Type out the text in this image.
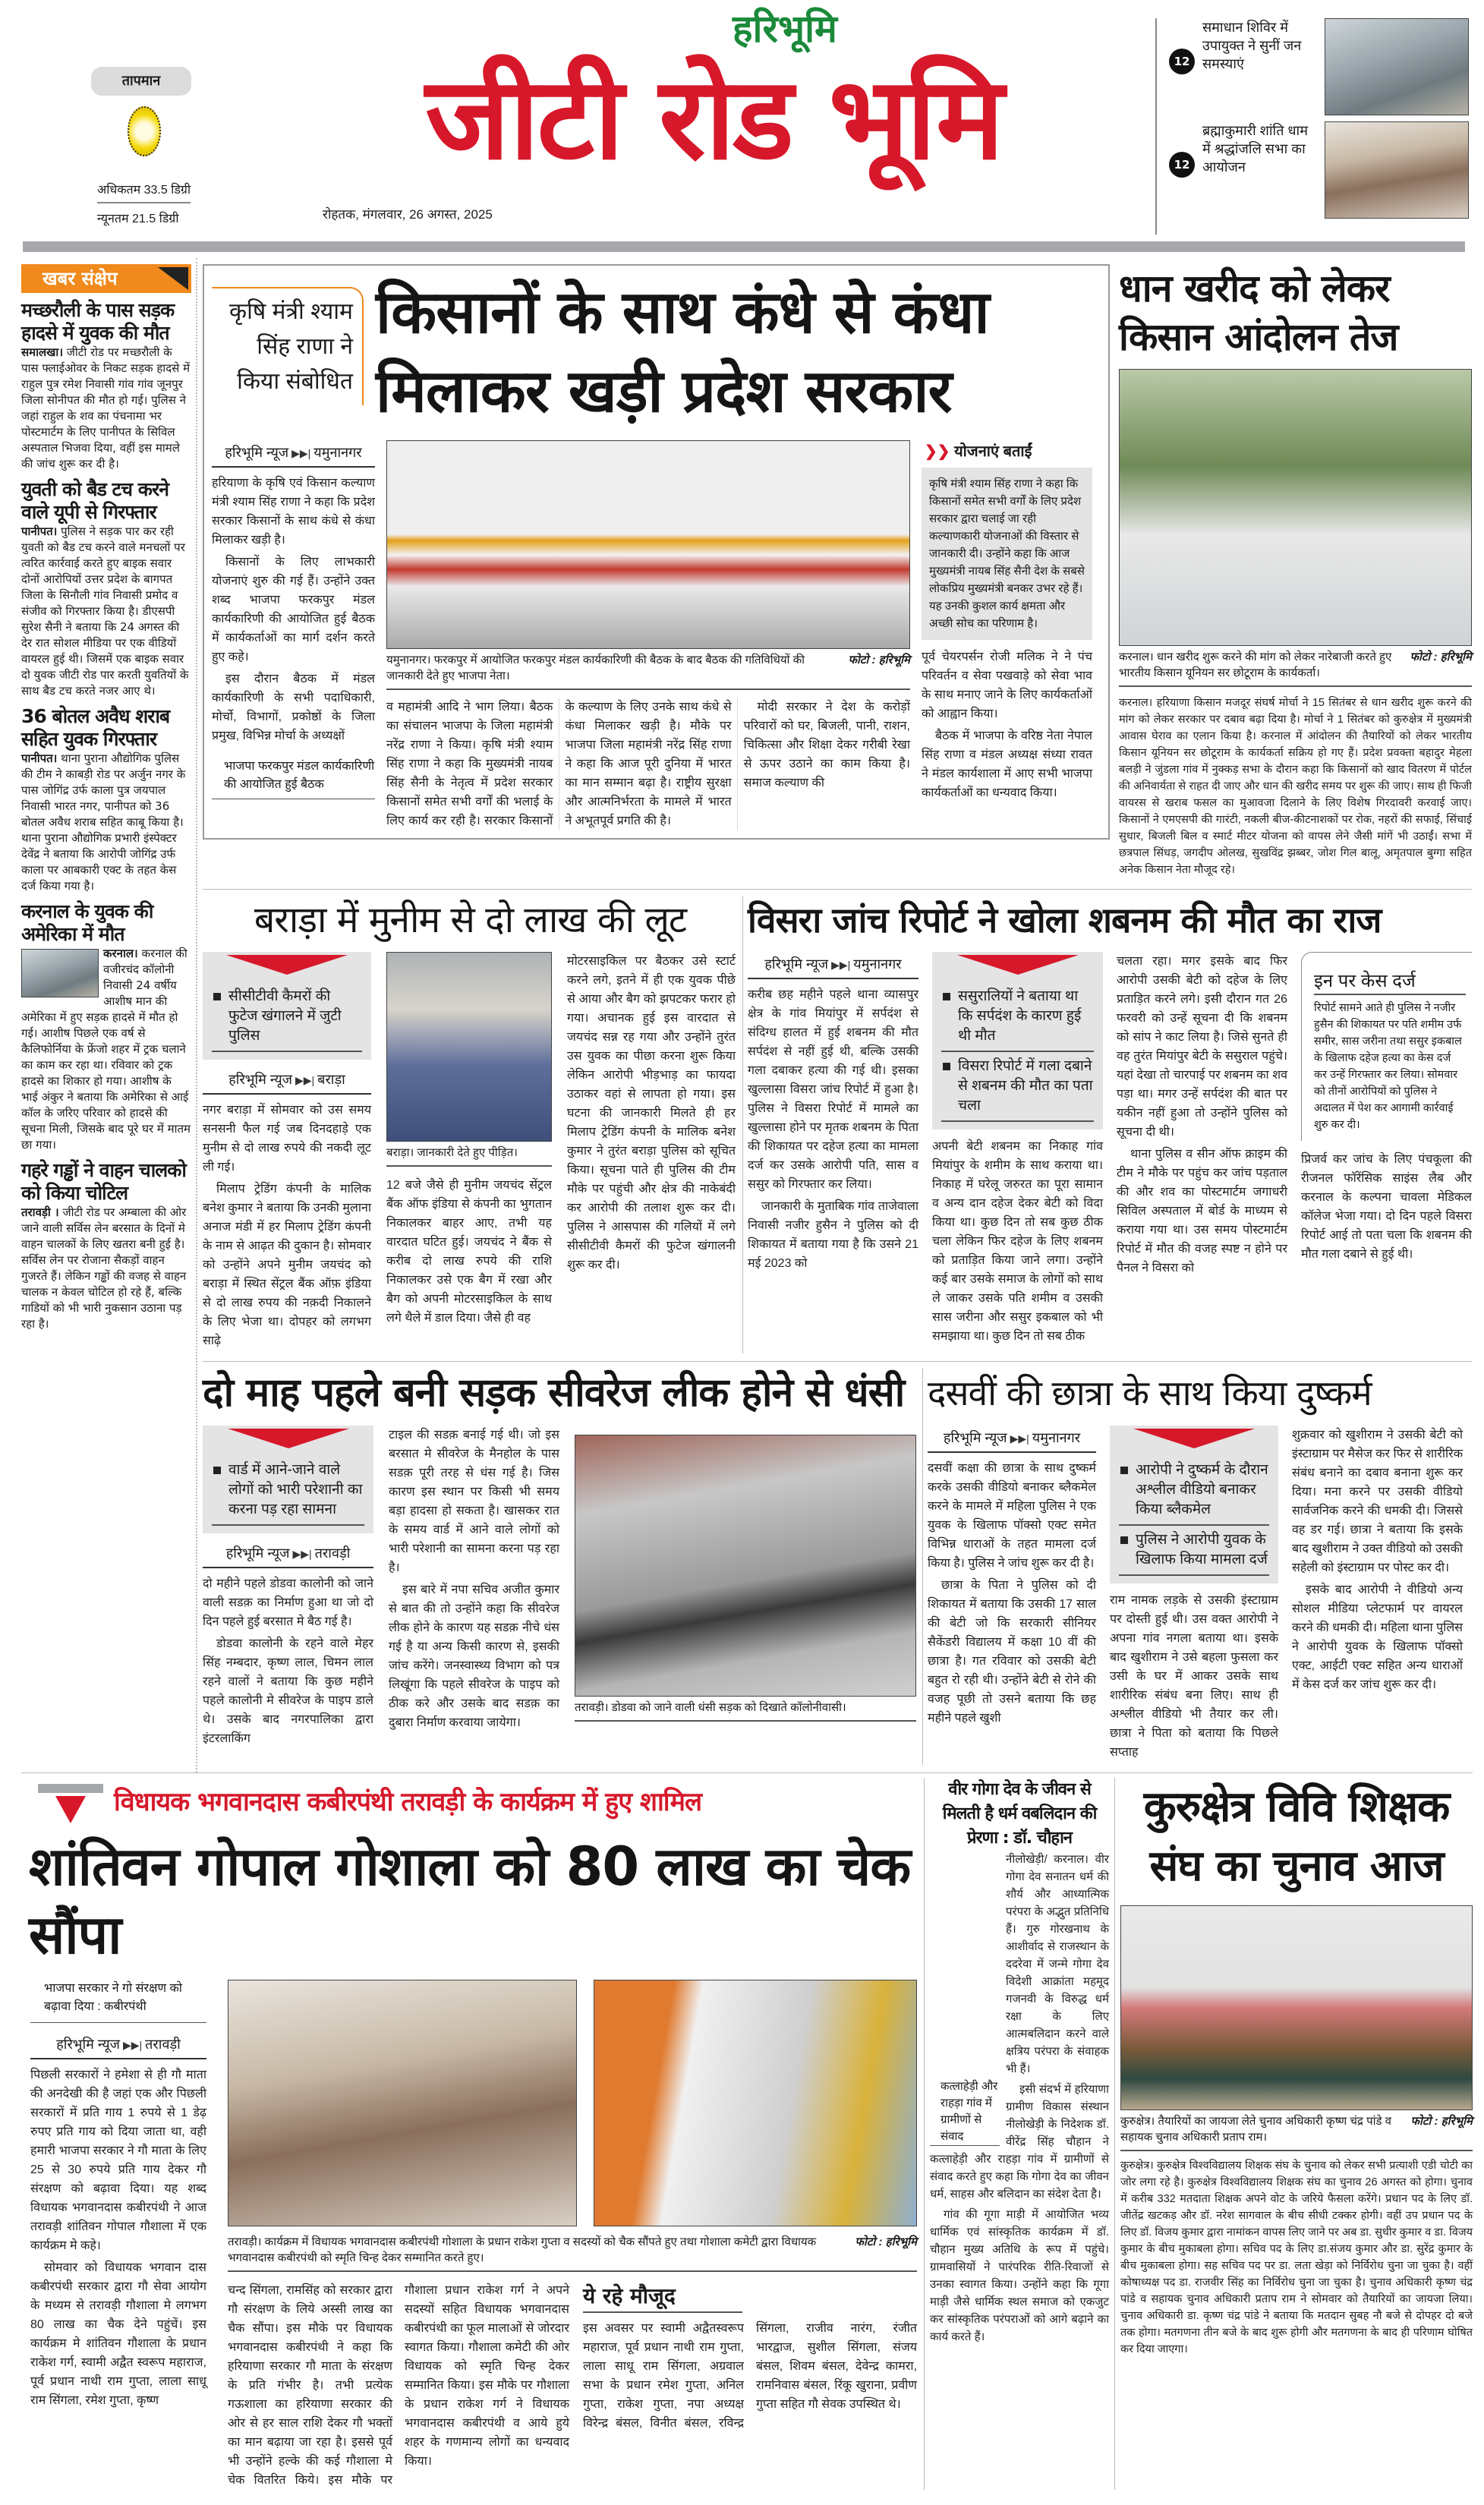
तापमान
अधिकतम 33.5 डिग्री
न्यूनतम 21.5 डिग्री
हरिभूमि
जीटी रोड भूमि
रोहतक, मंगलवार, 26 अगस्त, 2025
12
समाधान शिविर में उपायुक्त ने सुनीं जन समस्याएं
12
ब्रह्माकुमारी शांति धाम में श्रद्धांजलि सभा का आयोजन
खबर संक्षेप
मच्छरौली के पास सड़क हादसे में युवक की मौत
समालखा। जीटी रोड पर मच्छरौली के पास फ्लाईओवर के निकट सड़क हादसे में राहुल पुत्र रमेश निवासी गांव गांव जूनपुर जिला सोनीपत की मौत हो गई। पुलिस ने जहां राहुल के शव का पंचनामा भर पोस्टमार्टम के लिए पानीपत के सिविल अस्पताल भिजवा दिया, वहीं इस मामले की जांच शुरू कर दी है।
युवती को बैड टच करने वाले यूपी से गिरफ्तार
पानीपत। पुलिस ने सड़क पार कर रही युवती को बैड टच करने वाले मनचलों पर त्वरित कार्रवाई करते हुए बाइक सवार दोनों आरोपियों उत्तर प्रदेश के बागपत जिला के सिनौली गांव निवासी प्रमोद व संजीव को गिरफ्तार किया है। डीएसपी सुरेश सैनी ने बताया कि 24 अगस्त की देर रात सोशल मीडिया पर एक वीडियों वायरल हुई थी। जिसमें एक बाइक सवार दो युवक जीटी रोड पार करती युवतियों के साथ बैड टच करते नजर आए थे।
36 बोतल अवैध शराब सहित युवक गिरफ्तार
पानीपत। थाना पुराना औद्योगिक पुलिस की टीम ने काबड़ी रोड पर अर्जुन नगर के पास जोगिंद्र उर्फ काला पुत्र जयपाल निवासी भारत नगर, पानीपत को 36 बोतल अवैध शराब सहित काबू किया है। थाना पुराना औद्योगिक प्रभारी इंस्पेक्टर देवेंद्र ने बताया कि आरोपी जोगिंद्र उर्फ काला पर आबकारी एक्ट के तहत केस दर्ज किया गया है।
करनाल के युवक की अमेरिका में मौत
करनाल। करनाल की वजीरचंद कॉलोनी निवासी 24 वर्षीय आशीष मान की अमेरिका में हुए सड़क हादसे में मौत हो गई। आशीष पिछले एक वर्ष से कैलिफोर्निया के फ्रेंजो शहर में ट्रक चलाने का काम कर रहा था। रविवार को ट्रक हादसे का शिकार हो गया। आशीष के भाई अंकुर ने बताया कि अमेरिका से आई कॉल के जरिए परिवार को हादसे की सूचना मिली, जिसके बाद पूरे घर में मातम छा गया।
गहरे गड्ढों ने वाहन चालको को किया चोटिल
तरावड़ी । जीटी रोड पर अम्बाला की ओर जाने वाली सर्विस लेन बरसात के दिनों मे वाहन चालकों के लिए खतरा बनी हुई है। सर्विस लेन पर रोजाना सैकड़ों वाहन गुजरते हैं। लेकिन गड्ढों की वजह से वाहन चालक न केवल चोटिल हो रहे हैं, बल्कि गाडियों को भी भारी नुकसान उठाना पड़ रहा है।
कृषि मंत्री श्याम सिंह राणा ने किया संबोधित
किसानों के साथ कंधे से कंधा मिलाकर खड़ी प्रदेश सरकार
हरिभूमि न्यूज ▶▶| यमुनानगर

हरियाणा के कृषि एवं किसान कल्याण मंत्री श्याम सिंह राणा ने कहा कि प्रदेश सरकार किसानों के साथ कंधे से कंधा मिलाकर खड़ी है।

किसानों के लिए लाभकारी योजनाएं शुरु की गई हैं। उन्होंने उक्त शब्द भाजपा फरकपुर मंडल कार्यकारिणी की आयोजित हुई बैठक में कार्यकर्ताओं का मार्ग दर्शन करते हुए कहे।

इस दौरान बैठक में मंडल कार्यकारिणी के सभी पदाधिकारी, मोर्चो, विभागों, प्रकोष्ठों के जिला प्रमुख, विभिन्न मोर्चा के अध्यक्षों

भाजपा फरकपुर मंडल कार्यकारिणी की आयोजित हुई बैठक
फोटो : हरिभूमि
यमुनानगर। फरकपुर में आयोजित फरकपुर मंडल कार्यकारिणी की बैठक के बाद बैठक की गतिविधियों की जानकारी देते हुए भाजपा नेता।

व महामंत्री आदि ने भाग लिया। बैठक का संचालन भाजपा के जिला महामंत्री नरेंद्र राणा ने किया। कृषि मंत्री श्याम सिंह राणा ने कहा कि मुख्यमंत्री नायब सिंह सैनी के नेतृत्व में प्रदेश सरकार किसानों समेत सभी वर्गों की भलाई के लिए कार्य कर रही है। सरकार किसानों के कल्याण के लिए उनके साथ कंधे से कंधा मिलाकर खड़ी है। मौके पर भाजपा जिला महामंत्री नरेंद्र सिंह राणा ने कहा कि आज पूरी दुनिया में भारत का मान सम्मान बढ़ा है। राष्ट्रीय सुरक्षा और आत्मनिर्भरता के मामले में भारत ने अभूतपूर्व प्रगति की है।

मोदी सरकार ने देश के करोड़ों परिवारों को घर, बिजली, पानी, राशन, चिकित्सा और शिक्षा देकर गरीबी रेखा से ऊपर उठाने का काम किया है। समाज कल्याण की

❯❯ योजनाएं बताईं
कृषि मंत्री श्याम सिंह राणा ने कहा कि किसानों समेत सभी वर्गों के लिए प्रदेश सरकार द्वारा चलाई जा रही कल्याणकारी योजनाओं की विस्तार से जानकारी दी। उन्होंने कहा कि आज मुख्यमंत्री नायब सिंह सैनी देश के सबसे लोकप्रिय मुख्यमंत्री बनकर उभर रहे हैं। यह उनकी कुशल कार्य क्षमता और अच्छी सोच का परिणाम है।

पूर्व चेयरपर्सन रोजी मलिक ने ने पंच परिवर्तन व सेवा पखवाड़े को सेवा भाव के साथ मनाए जाने के लिए कार्यकर्ताओं को आह्वान किया।

बैठक में भाजपा के वरिष्ठ नेता नेपाल सिंह राणा व मंडल अध्यक्ष संध्या रावत ने मंडल कार्यशाला में आए सभी भाजपा कार्यकर्ताओं का धन्यवाद किया।

धान खरीद को लेकर किसान आंदोलन तेज
फोटो : हरिभूमि
करनाल। धान खरीद शुरू करने की मांग को लेकर नारेबाजी करते हुए भारतीय किसान यूनियन सर छोटूराम के कार्यकर्ता।

करनाल। हरियाणा किसान मजदूर संघर्ष मोर्चा ने 15 सितंबर से धान खरीद शुरू करने की मांग को लेकर सरकार पर दबाव बढ़ा दिया है। मोर्चा ने 1 सितंबर को कुरुक्षेत्र में मुख्यमंत्री आवास घेराव का एलान किया है। करनाल में आंदोलन की तैयारियों को लेकर भारतीय किसान यूनियन सर छोटूराम के कार्यकर्ता सक्रिय हो गए हैं। प्रदेश प्रवक्ता बहादुर मेहला बलड़ी ने जुंडला गांव में नुक्कड़ सभा के दौरान कहा कि किसानों को खाद वितरण में पोर्टल की अनिवार्यता से राहत दी जाए और धान की खरीद समय पर शुरू की जाए। साथ ही फिजी वायरस से खराब फसल का मुआवजा दिलाने के लिए विशेष गिरदावरी करवाई जाए। किसानों ने एमएसपी की गारंटी, नकली बीज-कीटनाशकों पर रोक, नहरों की सफाई, सिंचाई सुधार, बिजली बिल व स्मार्ट मीटर योजना को वापस लेने जैसी मांगें भी उठाईं। सभा में छत्रपाल सिंधड़, जगदीप ओलख, सुखविंद्र झब्बर, जोश गिल बालू, अमृतपाल बुग्गा सहित अनेक किसान नेता मौजूद रहे।

बराड़ा में मुनीम से दो लाख की लूट
सीसीटीवी कैमरों की फुटेज खंगालने में जुटी पुलिस
हरिभूमि न्यूज ▶▶| बराड़ा

नगर बराड़ा में सोमवार को उस समय सनसनी फैल गई जब दिनदहाड़े एक मुनीम से दो लाख रुपये की नकदी लूट ली गई।

मिलाप ट्रेडिंग कंपनी के मालिक बनेश कुमार ने बताया कि उनकी मुलाना अनाज मंडी में हर मिलाप ट्रेडिंग कंपनी के नाम से आढ़त की दुकान है। सोमवार को उन्होंने अपने मुनीम जयचंद को बराड़ा में स्थित सेंट्रल बैंक ऑफ़ इंडिया से दो लाख रुपय की नक़दी निकालने के लिए भेजा था। दोपहर को लगभग साढ़े

बराड़ा। जानकारी देते हुए पीड़ित।

12 बजे जैसे ही मुनीम जयचंद सेंट्रल बैंक ऑफ इंडिया से कंपनी का भुगतान निकालकर बाहर आए, तभी यह वारदात घटित हुई। जयचंद ने बैंक से करीब दो लाख रुपये की राशि निकालकर उसे एक बैग में रखा और बैग को अपनी मोटरसाइकिल के साथ लगे थैले में डाल दिया। जैसे ही वह

मोटरसाइकिल पर बैठकर उसे स्टार्ट करने लगे, इतने में ही एक युवक पीछे से आया और बैग को झपटकर फरार हो गया। अचानक हुई इस वारदात से जयचंद सन्न रह गया और उन्होंने तुरंत उस युवक का पीछा करना शुरू किया लेकिन आरोपी भीड़भाड़ का फायदा उठाकर वहां से लापता हो गया। इस घटना की जानकारी मिलते ही हर मिलाप ट्रेडिंग कंपनी के मालिक बनेश कुमार ने तुरंत बराड़ा पुलिस को सूचित किया। सूचना पाते ही पुलिस की टीम मौके पर पहुंची और क्षेत्र की नाकेबंदी कर आरोपी की तलाश शुरू कर दी। पुलिस ने आसपास की गलियों में लगे सीसीटीवी कैमरों की फुटेज खंगालनी शुरू कर दी।

विसरा जांच रिपोर्ट ने खोला शबनम की मौत का राज
हरिभूमि न्यूज ▶▶| यमुनानगर

करीब छह महीने पहले थाना व्यासपुर क्षेत्र के गांव मियांपुर में सर्पदंश से संदिग्ध हालत में हुई शबनम की मौत सर्पदंश से नहीं हुई थी, बल्कि उसकी गला दबाकर हत्या की गई थी। इसका खुल्लासा विसरा जांच रिपोर्ट में हुआ है। पुलिस ने विसरा रिपोर्ट में मामले का खुल्लासा होने पर मृतक शबनम के पिता की शिकायत पर दहेज हत्या का मामला दर्ज कर उसके आरोपी पति, सास व ससुर को गिरफ्तार कर लिया।

जानकारी के मुताबिक गांव ताजेवाला निवासी नजीर हुसैन ने पुलिस को दी शिकायत में बताया गया है कि उसने 21 मई 2023 को

ससुरालियों ने बताया था कि सर्पदंश के कारण हुई थी मौत
विसरा रिपोर्ट में गला दबाने से शबनम की मौत का पता चला

अपनी बेटी शबनम का निकाह गांव मियांपुर के शमीम के साथ कराया था। निकाह में घरेलू जरुरत का पूरा सामान व अन्य दान दहेज देकर बेटी को विदा किया था। कुछ दिन तो सब कुछ ठीक चला लेकिन फिर दहेज के लिए शबनम को प्रताड़ित किया जाने लगा। उन्होंने कई बार उसके समाज के लोगों को साथ ले जाकर उसके पति शमीम व उसकी सास जरीना और ससुर इकबाल को भी समझाया था। कुछ दिन तो सब ठीक

चलता रहा। मगर इसके बाद फिर आरोपी उसकी बेटी को दहेज के लिए प्रताड़ित करने लगे। इसी दौरान गत 26 फरवरी को उन्हें सूचना दी कि शबनम को सांप ने काट लिया है। जिसे सुनते ही वह तुरंत मियांपुर बेटी के ससुराल पहुंचे। यहां देखा तो चारपाई पर शबनम का शव पड़ा था। मगर उन्हें सर्पदंश की बात पर यकीन नहीं हुआ तो उन्होंने पुलिस को सूचना दी थी।

थाना पुलिस व सीन ऑफ क्राइम की टीम ने मौके पर पहुंच कर जांच पड़ताल की और शव का पोस्टमार्टम जगाधरी सिविल अस्पताल में बोर्ड के माध्यम से कराया गया था। उस समय पोस्टमार्टम रिपोर्ट में मौत की वजह स्पष्ट न होने पर पैनल ने विसरा को

इन पर केस दर्ज
रिपोर्ट सामने आते ही पुलिस ने नजीर हुसैन की शिकायत पर पति शमीम उर्फ समीर, सास जरीना तथा ससुर इकबाल के खिलाफ दहेज हत्या का केस दर्ज कर उन्हें गिरफ्तार कर लिया। सोमवार को तीनों आरोपियों को पुलिस ने अदालत में पेश कर आगामी कार्रवाई शुरु कर दी।

प्रिजर्व कर जांच के लिए पंचकूला की रीजनल फॉरेंसिक साइंस लैब और करनाल के कल्पना चावला मेडिकल कॉलेज भेजा गया। दो दिन पहले विसरा रिपोर्ट आई तो पता चला कि शबनम की मौत गला दबाने से हुई थी।

दो माह पहले बनी सड़क सीवरेज लीक होने से धंसी
वार्ड में आने-जाने वाले लोगों को भारी परेशानी का करना पड़ रहा सामना
हरिभूमि न्यूज ▶▶| तरावड़ी

दो महीने पहले डोडवा कालोनी को जाने वाली सडक़ का निर्माण हुआ था जो दो दिन पहले हुई बरसात मे बैठ गई है।

डोडवा कालोनी के रहने वाले मेहर सिंह नम्बदार, कृष्ण लाल, चिमन लाल रहने वालों ने बताया कि कुछ महीने पहले कालोनी मे सीवरेज के पाइप डाले थे। उसके बाद नगरपालिका द्वारा इंटरलाकिंग

टाइल की सडक़ बनाई गई थी। जो इस बरसात मे सीवरेज के मैनहोल के पास सडक़ पूरी तरह से धंस गई है। जिस कारण इस स्थान पर किसी भी समय बड़ा हादसा हो सकता है। खासकर रात के समय वार्ड में आने वाले लोगों को भारी परेशानी का सामना करना पड़ रहा है।

इस बारे में नपा सचिव अजीत कुमार से बात की तो उन्होंने कहा कि सीवरेज लीक होने के कारण यह सडक़ नीचे धंस गई है या अन्य किसी कारण से, इसकी जांच करेंगे। जनस्वास्थ्य विभाग को पत्र लिखूंगा कि पहले सीवरेज के पाइप को ठीक करे और उसके बाद सडक़ का दुबारा निर्माण करवाया जायेगा।

तरावड़ी। डोडवा को जाने वाली धंसी सड़क को दिखाते कॉलोनीवासी।
दसवीं की छात्रा के साथ किया दुष्कर्म
हरिभूमि न्यूज ▶▶| यमुनानगर

दसवीं कक्षा की छात्रा के साथ दुष्कर्म करके उसकी वीडियो बनाकर ब्लैकमेल करने के मामले में महिला पुलिस ने एक युवक के खिलाफ पॉक्सो एक्ट समेत विभिन्न धाराओं के तहत मामला दर्ज किया है। पुलिस ने जांच शुरू कर दी है।

छात्रा के पिता ने पुलिस को दी शिकायत में बताया कि उसकी 17 साल की बेटी जो कि सरकारी सीनियर सैकेंडरी विद्यालय में कक्षा 10 वीं की छात्रा है। गत रविवार को उसकी बेटी बहुत रो रही थी। उन्होंने बेटी से रोने की वजह पूछी तो उसने बताया कि छह महीने पहले खुशी

आरोपी ने दुष्कर्म के दौरान अश्लील वीडियो बनाकर किया ब्लैकमेल
पुलिस ने आरोपी युवक के खिलाफ किया मामला दर्ज

राम नामक लड़के से उसकी इंस्टाग्राम पर दोस्ती हुई थी। उस वक्त आरोपी ने अपना गांव नगला बताया था। इसके बाद खुशीराम ने उसे बहला फुसला कर उसी के घर में आकर उसके साथ शारीरिक संबंध बना लिए। साथ ही अश्लील वीडियो भी तैयार कर ली। छात्रा ने पिता को बताया कि पिछले सप्ताह

शुक्रवार को खुशीराम ने उसकी बेटी को इंस्टाग्राम पर मैसेज कर फिर से शारीरिक संबंध बनाने का दबाव बनाना शुरू कर दिया। मना करने पर उसकी वीडियो सार्वजनिक करने की धमकी दी। जिससे वह डर गई। छात्रा ने बताया कि इसके बाद खुशीराम ने उक्त वीडियो को उसकी सहेली को इंस्टाग्राम पर पोस्ट कर दी।

इसके बाद आरोपी ने वीडियो अन्य सोशल मीडिया प्लेटफार्म पर वायरल करने की धमकी दी। महिला थाना पुलिस ने आरोपी युवक के खिलाफ पॉक्सो एक्ट, आईटी एक्ट सहित अन्य धाराओं में केस दर्ज कर जांच शुरू कर दी।

विधायक भगवानदास कबीरपंथी तरावड़ी के कार्यक्रम में हुए शामिल
शांतिवन गोपाल गोशाला को 80 लाख का चेक सौंपा
भाजपा सरकार ने गो संरक्षण को बढ़ावा दिया : कबीरपंथी
हरिभूमि न्यूज ▶▶| तरावड़ी

पिछली सरकारों ने हमेशा से ही गौ माता की अनदेखी की है जहां एक और पिछली सरकारों में प्रति गाय 1 रुपये से 1 डेढ़ रुपए प्रति गाय को दिया जाता था, वही हमारी भाजपा सरकार ने गौ माता के लिए 25 से 30 रुपये प्रति गाय देकर गौ संरक्षण को बढ़ावा दिया। यह शब्द विधायक भगवानदास कबीरपंथी ने आज तरावड़ी शांतिवन गोपाल गौशाला में एक कार्यक्रम मे कहे।

सोमवार को विधायक भगवान दास कबीरपंथी सरकार द्वारा गौ सेवा आयोग के मध्यम से तरावड़ी गौशाला मे लगभग 80 लाख का चैक देने पहुंचें। इस कार्यक्रम मे शांतिवन गौशाला के प्रधान राकेश गर्ग, स्वामी अद्वैत स्वरूप महाराज, पूर्व प्रधान नाथी राम गुप्ता, लाला साधू राम सिंगला, रमेश गुप्ता, कृष्ण

फोटो : हरिभूमि
तरावड़ी। कार्यक्रम में विधायक भगवानदास कबीरपंथी गोशाला के प्रधान राकेश गुप्ता व सदस्यों को चैक सौंपते हुए तथा गोशाला कमेटी द्वारा विधायक भगवानदास कबीरपंथी को स्मृति चिन्ह देकर सम्मानित करते हुए।

चन्द सिंगला, रामसिंह को सरकार द्वारा गौ संरक्षण के लिये अस्सी लाख का चैक सौंपा। इस मौके पर विधायक भगवानदास कबीरपंथी ने कहा कि हरियाणा सरकार गौ माता के संरक्षण के प्रति गंभीर है। तभी प्रत्येक गऊशाला का हरियाणा सरकार की ओर से हर साल राशि देकर गौ भक्तों का मान बढ़ाया जा रहा है। इससे पूर्व भी उन्होंने हल्के की कई गौशाला मे चेक वितरित किये। इस मौके पर गौशाला प्रधान राकेश गर्ग ने अपने सदस्यों सहित विधायक भगवानदास कबीरपंथी का फूल मालाओं से जोरदार स्वागत किया। गौशाला कमेटी की ओर विधायक को स्मृति चिन्ह देकर सम्मानित किया। इस मौके पर गौशाला के प्रधान राकेश गर्ग ने विधायक भगवानदास कबीरपंथी व आये हुये शहर के गणमान्य लोगों का धन्यवाद किया।

ये रहे मौजूद
इस अवसर पर स्वामी अद्वैतस्वरूप महाराज, पूर्व प्रधान नाथी राम गुप्ता, लाला साधू राम सिंगला, अग्रवाल सभा के प्रधान रमेश गुप्ता, अनिल गुप्ता, राकेश गुप्ता, नपा अध्यक्ष विरेन्द्र बंसल, विनीत बंसल, रविन्द्र सिंगला, राजीव नारंग, रंजीत भारद्वाज, सुशील सिंगला, संजय बंसल, शिवम बंसल, देवेन्द्र कामरा, रामनिवास बंसल, रिंकू खुराना, प्रवीण गुप्ता सहित गौ सेवक उपस्थित थे।
वीर गोगा देव के जीवन से मिलती है धर्म वबलिदान की प्रेरणा : डॉ. चौहान
कत्लाहेड़ी और राहड़ा गांव में ग्रामीणों से संवाद

नीलोखेड़ी/ करनाल। वीर गोगा देव सनातन धर्म की शौर्य और आध्यात्मिक परंपरा के अद्भुत प्रतिनिधि हैं। गुरु गोरखनाथ के आशीर्वाद से राजस्थान के ददरेवा में जन्मे गोगा देव विदेशी आक्रांता महमूद गजनवी के विरुद्ध धर्म रक्षा के लिए आत्मबलिदान करने वाले क्षत्रिय परंपरा के संवाहक भी हैं।

इसी संदर्भ में हरियाणा ग्रामीण विकास संस्थान नीलोखेड़ी के निदेशक डॉ. वीरेंद्र सिंह चौहान ने कत्लाहेड़ी और राहड़ा गांव में ग्रामीणों से संवाद करते हुए कहा कि गोगा देव का जीवन धर्म, साहस और बलिदान का संदेश देता है।

गांव की गूगा माड़ी में आयोजित भव्य धार्मिक एवं सांस्कृतिक कार्यक्रम में डॉ. चौहान मुख्य अतिथि के रूप में पहुंचे। ग्रामवासियों ने पारंपरिक रीति-रिवाजों से उनका स्वागत किया। उन्होंने कहा कि गूगा माड़ी जैसे धार्मिक स्थल समाज को एकजुट कर सांस्कृतिक परंपराओं को आगे बढ़ाने का कार्य करते हैं।

कुरुक्षेत्र विवि शिक्षक संघ का चुनाव आज
फोटो : हरिभूमि
कुरुक्षेत्र। तैयारियों का जायजा लेते चुनाव अधिकारी कृष्ण चंद्र पांडे व सहायक चुनाव अधिकारी प्रताप राम।

कुरुक्षेत्र। कुरुक्षेत्र विश्वविद्यालय शिक्षक संघ के चुनाव को लेकर सभी प्रत्याशी एडी चोटी का जोर लगा रहे है। कुरुक्षेत्र विश्वविद्यालय शिक्षक संघ का चुनाव 26 अगस्त को होगा। चुनाव में करीब 332 मतदाता शिक्षक अपने वोट के जरिये फैसला करेंगे। प्रधान पद के लिए डॉ. जीतेंद्र खटकड़ और डॉ. नरेश सागवाल के बीच सीधी टक्कर होगी। वहीं उप प्रधान पद के लिए डॉ. विजय कुमार द्वारा नामांकन वापस लिए जाने पर अब डा. सुधीर कुमार व डा. विजय कुमार के बीच मुकाबला होगा। सचिव पद के लिए डा.संजय कुमार और डा. सुरेंद्र कुमार के बीच मुकाबला होगा। सह सचिव पद पर डा. लता खेड़ा को निर्विरोध चुना जा चुका है। वहीं कोषाध्यक्ष पद डा. राजवीर सिंह का निर्विरोध चुना जा चुका है। चुनाव अधिकारी कृष्ण चंद्र पांडे व सहायक चुनाव अधिकारी प्रताप राम ने सोमवार को तैयारियों का जायजा लिया। चुनाव अधिकारी डा. कृष्ण चंद्र पांडे ने बताया कि मतदान सुबह नौ बजे से दोपहर दो बजे तक होगा। मतगणना तीन बजे के बाद शुरू होगी और मतगणना के बाद ही परिणाम घोषित कर दिया जाएगा।
